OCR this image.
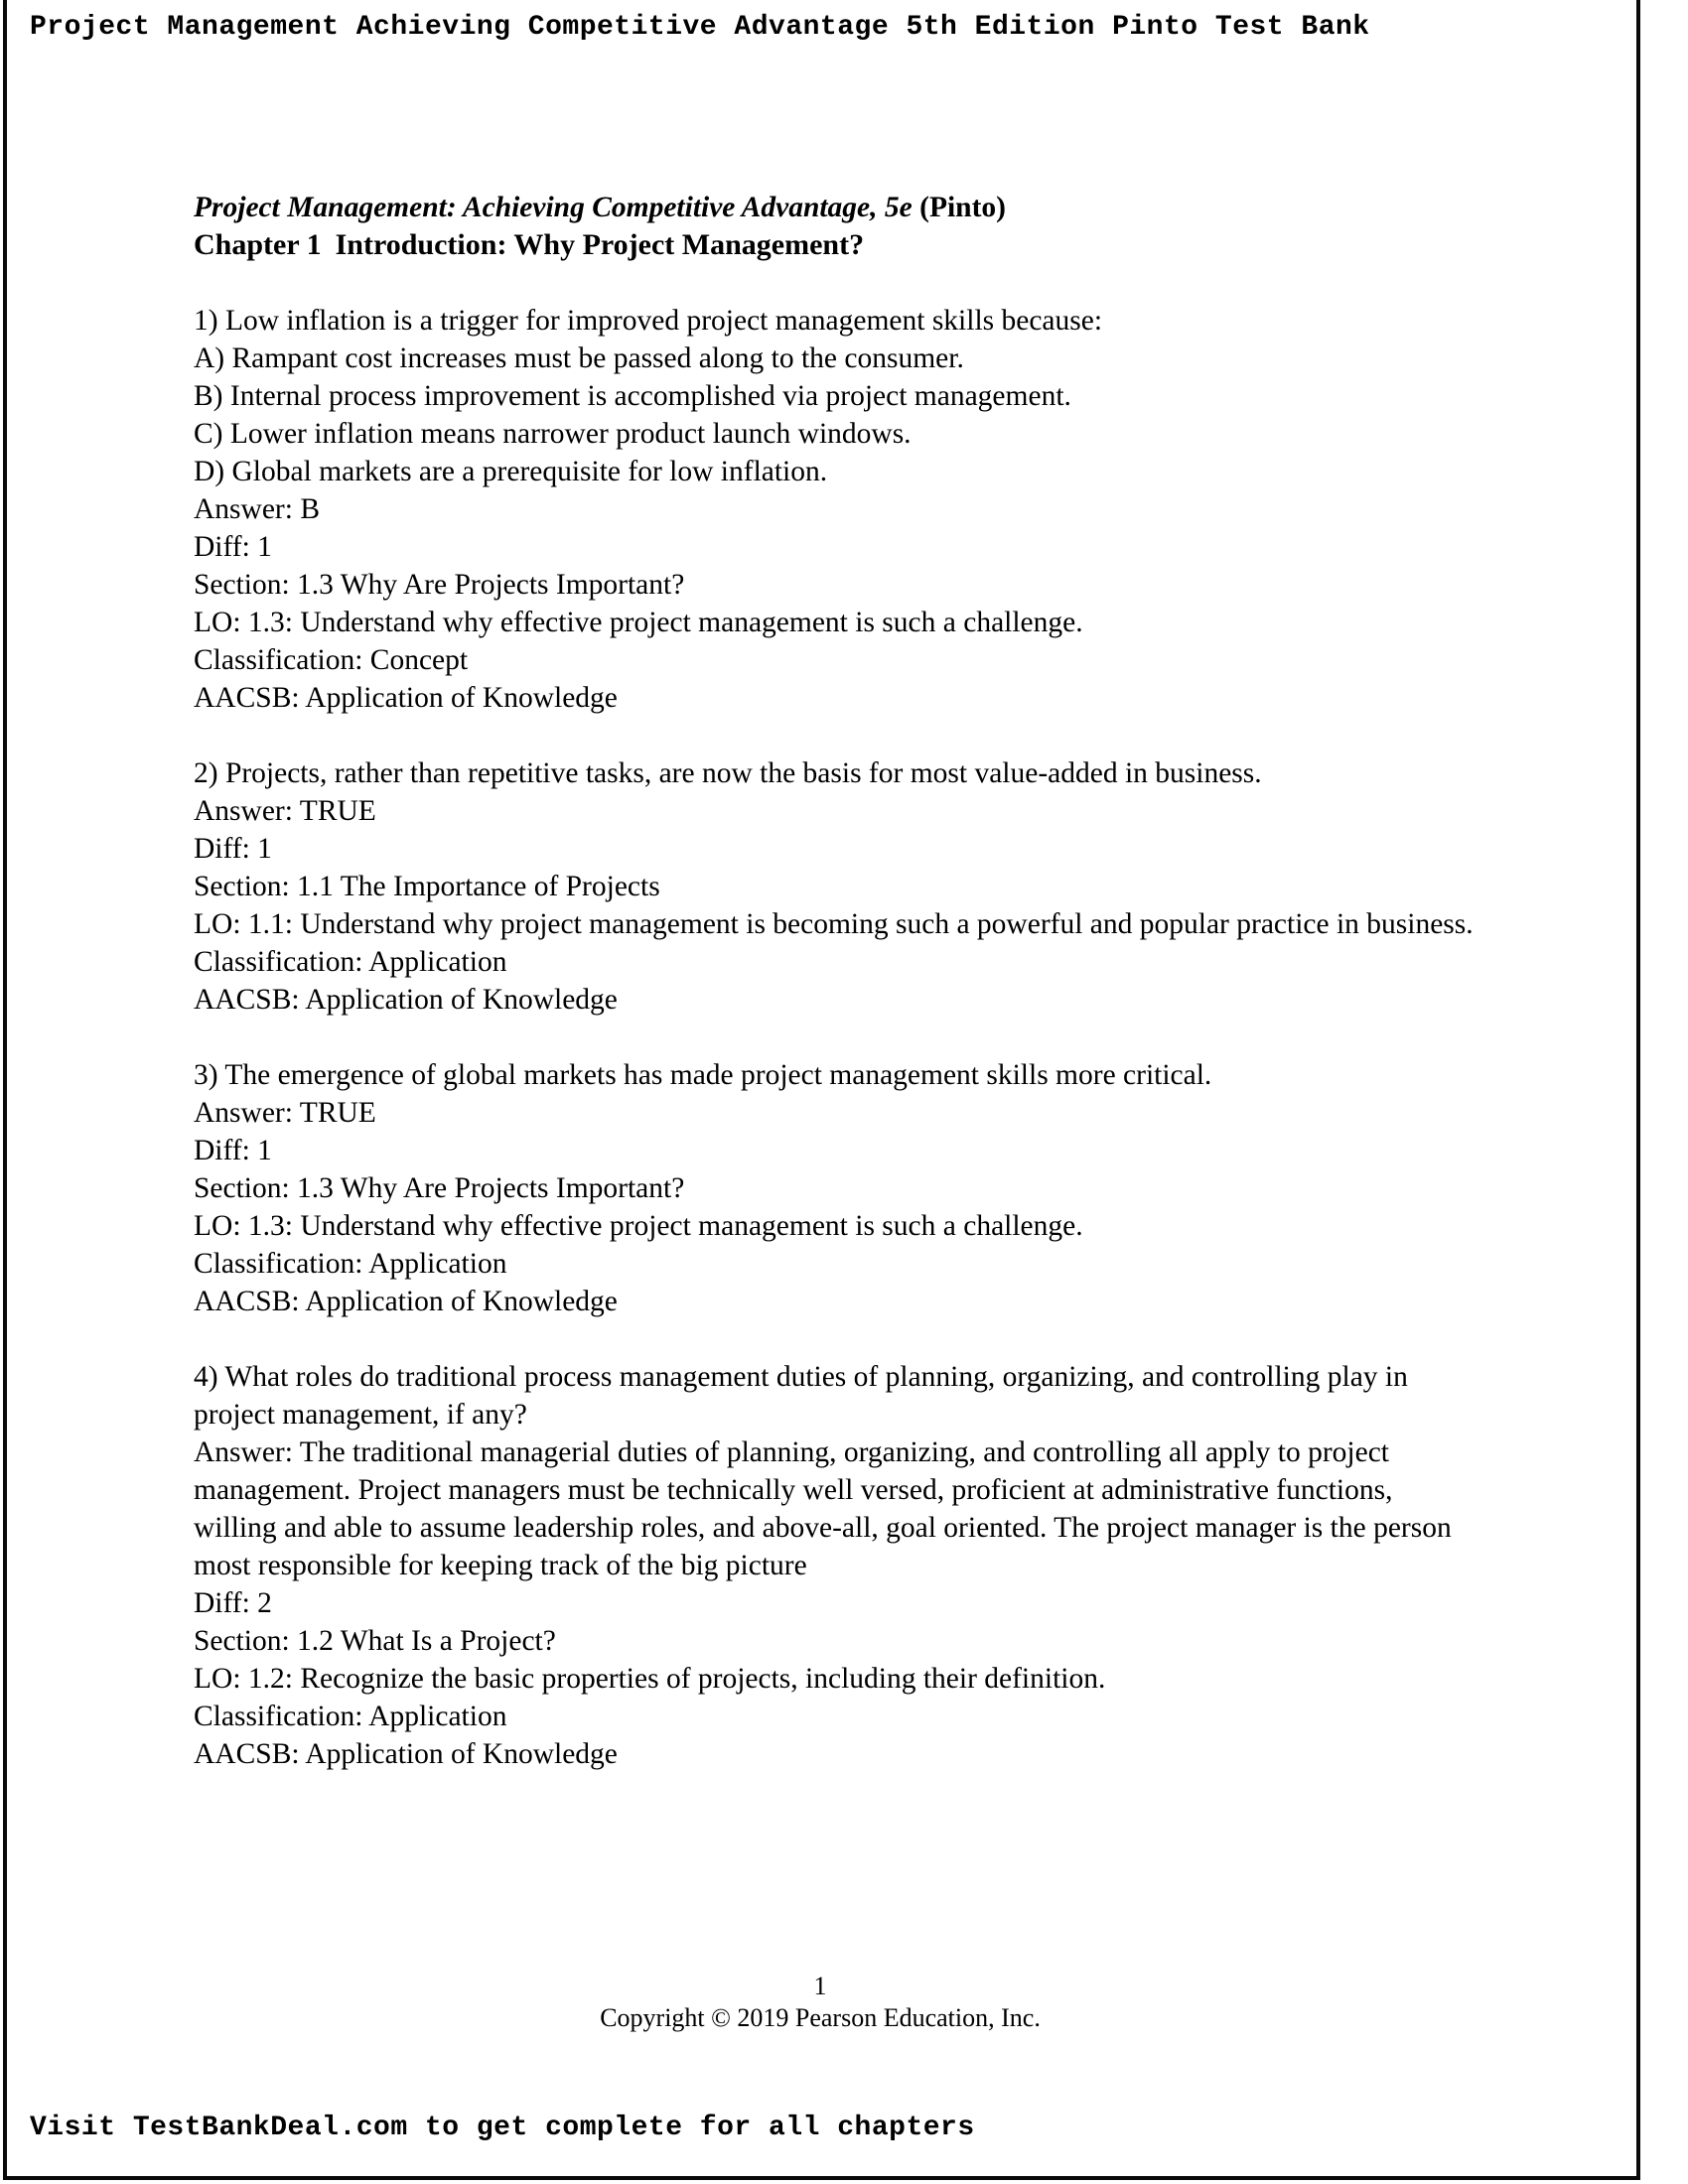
Project Management Achieving Competitive Advantage 5th Edition Pinto Test Bank
Project Management: Achieving Competitive Advantage, 5e (Pinto)
Chapter 1 Introduction: Why Project Management?

1) Low inflation is a trigger for improved project management skills because:

A) Rampant cost increases must be passed along to the consumer.

B) Internal process improvement is accomplished via project management.

C) Lower inflation means narrower product launch windows.

D) Global markets are a prerequisite for low inflation.

Answer: B

Diff: 1

Section: 1.3 Why Are Projects Important?

LO: 1.3: Understand why effective project management is such a challenge.

Classification: Concept

AACSB: Application of Knowledge

2) Projects, rather than repetitive tasks, are now the basis for most value-added in business.

Answer: TRUE

Diff: 1

Section: 1.1 The Importance of Projects

LO: 1.1: Understand why project management is becoming such a powerful and popular practice in business.

Classification: Application

AACSB: Application of Knowledge

3) The emergence of global markets has made project management skills more critical.

Answer: TRUE

Diff: 1

Section: 1.3 Why Are Projects Important?

LO: 1.3: Understand why effective project management is such a challenge.

Classification: Application

AACSB: Application of Knowledge

4) What roles do traditional process management duties of planning, organizing, and controlling play in project management, if any?

Answer: The traditional managerial duties of planning, organizing, and controlling all apply to project management. Project managers must be technically well versed, proficient at administrative functions, willing and able to assume leadership roles, and above-all, goal oriented. The project manager is the person most responsible for keeping track of the big picture

Diff: 2

Section: 1.2 What Is a Project?

LO: 1.2: Recognize the basic properties of projects, including their definition.

Classification: Application

AACSB: Application of Knowledge

1
Copyright © 2019 Pearson Education, Inc.
Visit TestBankDeal.com to get complete for all chapters
